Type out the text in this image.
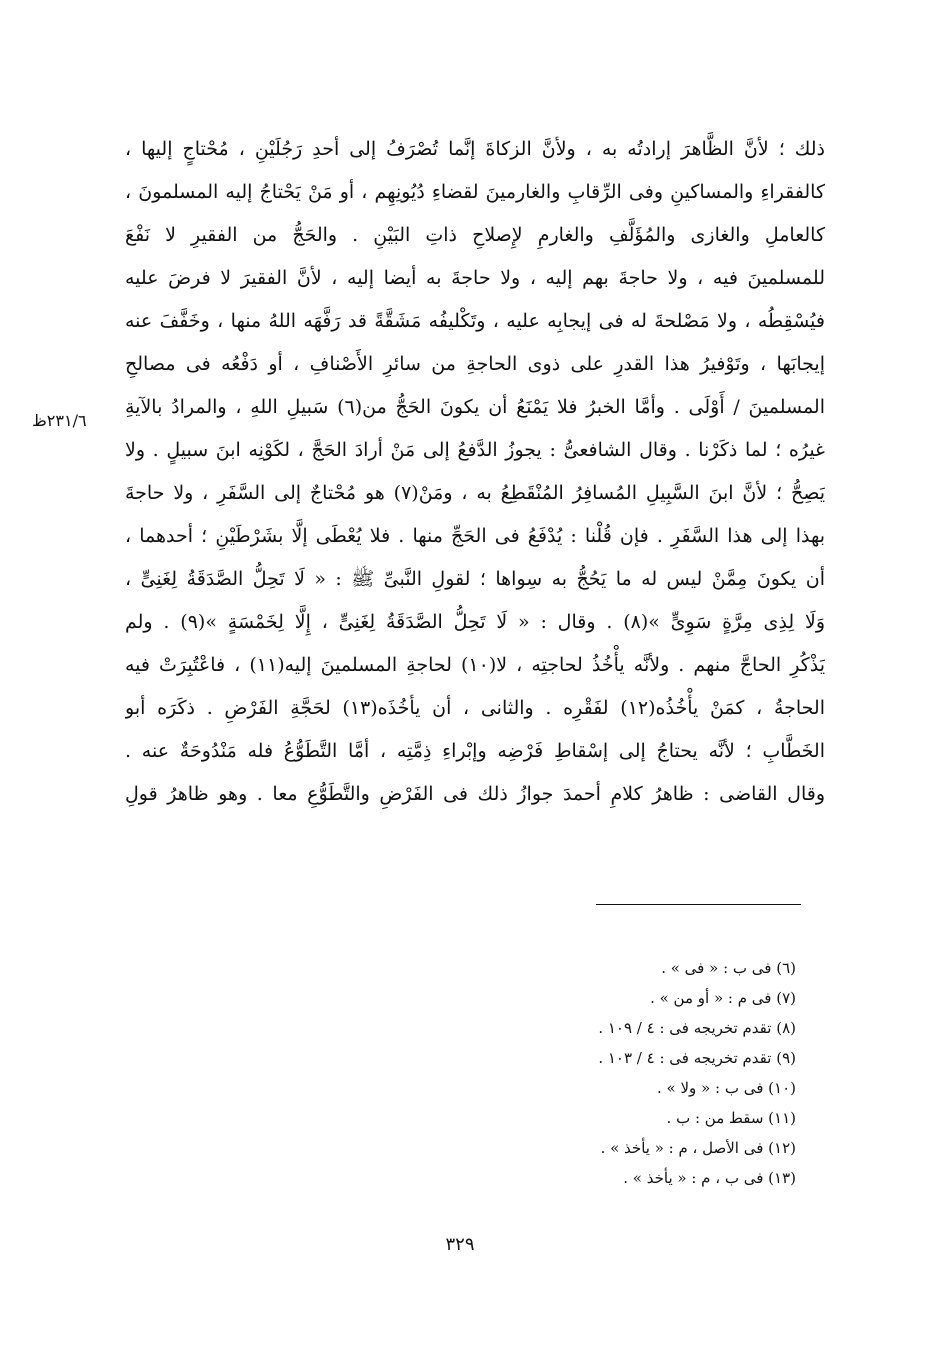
ذلك ؛ لأنَّ الظَّاهرَ إرادتُه به ، ولأنَّ الزكاةَ إنَّما تُصْرَفُ إلى أحدِ رَجُلَيْنِ ، مُحْتاجٍ إليها ،
كالفقراءِ والمساكينِ وفى الرِّقابِ والغارمينَ لقضاءِ دُيُونِهِم ، أو مَنْ يَحْتاجُ إليه المسلمونَ ،
كالعاملِ والغازى والمُؤَلَّفِ والغارمِ لإِصلاحِ ذاتِ البَيْنِ . والحَجُّ من الفقيرِ لا نَفْعَ
للمسلمينَ فيه ، ولا حاجةَ بهم إليه ، ولا حاجةَ به أيضا إليه ، لأنَّ الفقيرَ لا فرضَ عليه
فيُسْقِطُه ، ولا مَصْلحةَ له فى إيجابِه عليه ، وتَكْليفُه مَشَقَّةً قد رَفَّهَه اللهُ منها ، وخَفَّفَ عنه
إيجابَها ، وتَوْفيرُ هذا القدرِ على ذوى الحاجةِ من سائرِ الأَصْنافِ ، أو دَفْعُه فى مصالحِ
المسلمينَ / أَوْلَى . وأمَّا الخبرُ فلا يَمْنَعُ أن يكونَ الحَجُّ من(٦) سَبيلِ اللهِ ، والمرادُ بالآيةِ
غيرُه ؛ لما ذكَرْنا . وقال الشافعىُّ : يجوزُ الدَّفعُ إلى مَنْ أرادَ الحَجَّ ، لكَوْنِه ابنَ سبيلٍ . ولا
يَصِحُّ ؛ لأنَّ ابنَ السَّبِيلِ المُسافِرُ المُنْقَطِعُ به ، ومَنْ(٧) هو مُحْتاجٌ إلى السَّفَرِ ، ولا حاجةَ
بهذا إلى هذا السَّفَرِ . فإن قُلْنا : يُدْفَعُ فى الحَجِّ منها . فلا يُعْطَى إلَّا بشَرْطَيْنِ ؛ أحدهما ،
أن يكونَ مِمَّنْ ليس له ما يَحُجُّ به سِواها ؛ لقولِ النَّبىِّ ﷺ : « لَا تَحِلُّ الصَّدَقَةُ لِغَنِىٍّ ،
وَلَا لِذِى مِرَّةٍ سَوِىٍّ »(٨) . وقال : « لَا تَحِلُّ الصَّدَقَةُ لِغَنِىٍّ ، إِلَّا لِخَمْسَةٍ »(٩) . ولم
يَذْكُرِ الحاجَّ منهم . ولأنَّه يأْخُذُ لحاجتِه ، لا(١٠) لحاجةِ المسلمينَ إليه(١١) ، فاعْتُبِرَتْ فيه
الحاجةُ ، كمَنْ يأْخُذُه(١٢) لفَقْرِه . والثانى ، أن يأخُذَه(١٣) لحَجَّةِ الفَرْضِ . ذكَرَه أبو
الخَطَّابِ ؛ لأنَّه يحتاجُ إلى إسْقاطِ فَرْضِه وإبْراءِ ذِمَّتِه ، أمَّا التَّطَوُّعُ فله مَنْدُوحَةٌ عنه .
وقال القاضى : ظاهرُ كلامِ أحمدَ جوازُ ذلك فى الفَرْضِ والتَّطَوُّعِ معا . وهو ظاهرُ قولِ
٢٣١/٦ظ
(٦) فى ب : « فى » .
(٧) فى م : « أو من » .
(٨) تقدم تخريجه فى : ٤ / ١٠٩ .
(٩) تقدم تخريجه فى : ٤ / ١٠٣ .
(١٠) فى ب : « ولا » .
(١١) سقط من : ب .
(١٢) فى الأصل ، م : « يأخذ » .
(١٣) فى ب ، م : « يأخذ » .
٣٢٩
